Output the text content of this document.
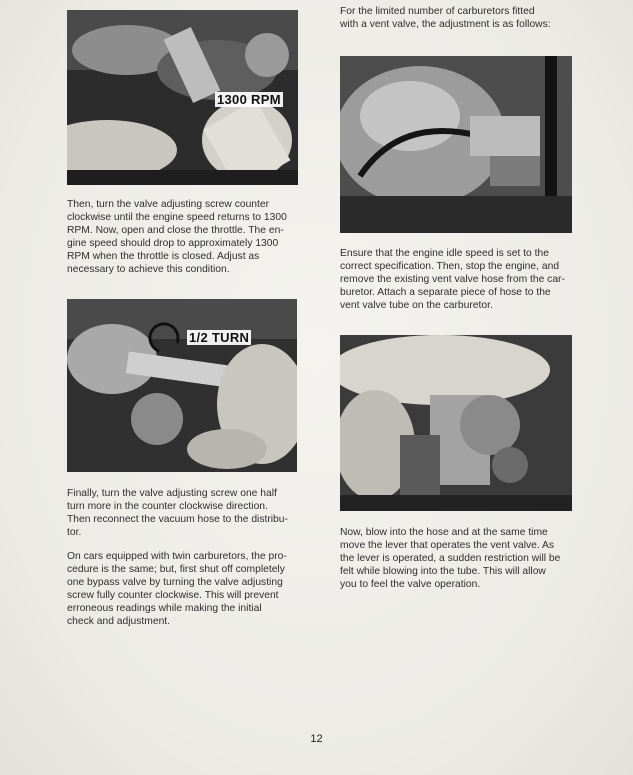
1300 RPM
1/2 TURN

For the limited number of carburetors fitted
with a vent valve, the adjustment is as follows:

Then, turn the valve adjusting screw counter
clockwise until the engine speed returns to 1300
RPM. Now, open and close the throttle. The en-
gine speed should drop to approximately 1300
RPM when the throttle is closed. Adjust as
necessary to achieve this condition.

Ensure that the engine idle speed is set to the
correct specification. Then, stop the engine, and
remove the existing vent valve hose from the car-
buretor. Attach a separate piece of hose to the
vent valve tube on the carburetor.

Finally, turn the valve adjusting screw one half
turn more in the counter clockwise direction.
Then reconnect the vacuum hose to the distribu-
tor.

On cars equipped with twin carburetors, the pro-
cedure is the same; but, first shut off completely
one bypass valve by turning the valve adjusting
screw fully counter clockwise. This will prevent
erroneous readings while making the initial
check and adjustment.

Now, blow into the hose and at the same time
move the lever that operates the vent valve. As
the lever is operated, a sudden restriction will be
felt while blowing into the tube. This will allow
you to feel the valve operation.

12
